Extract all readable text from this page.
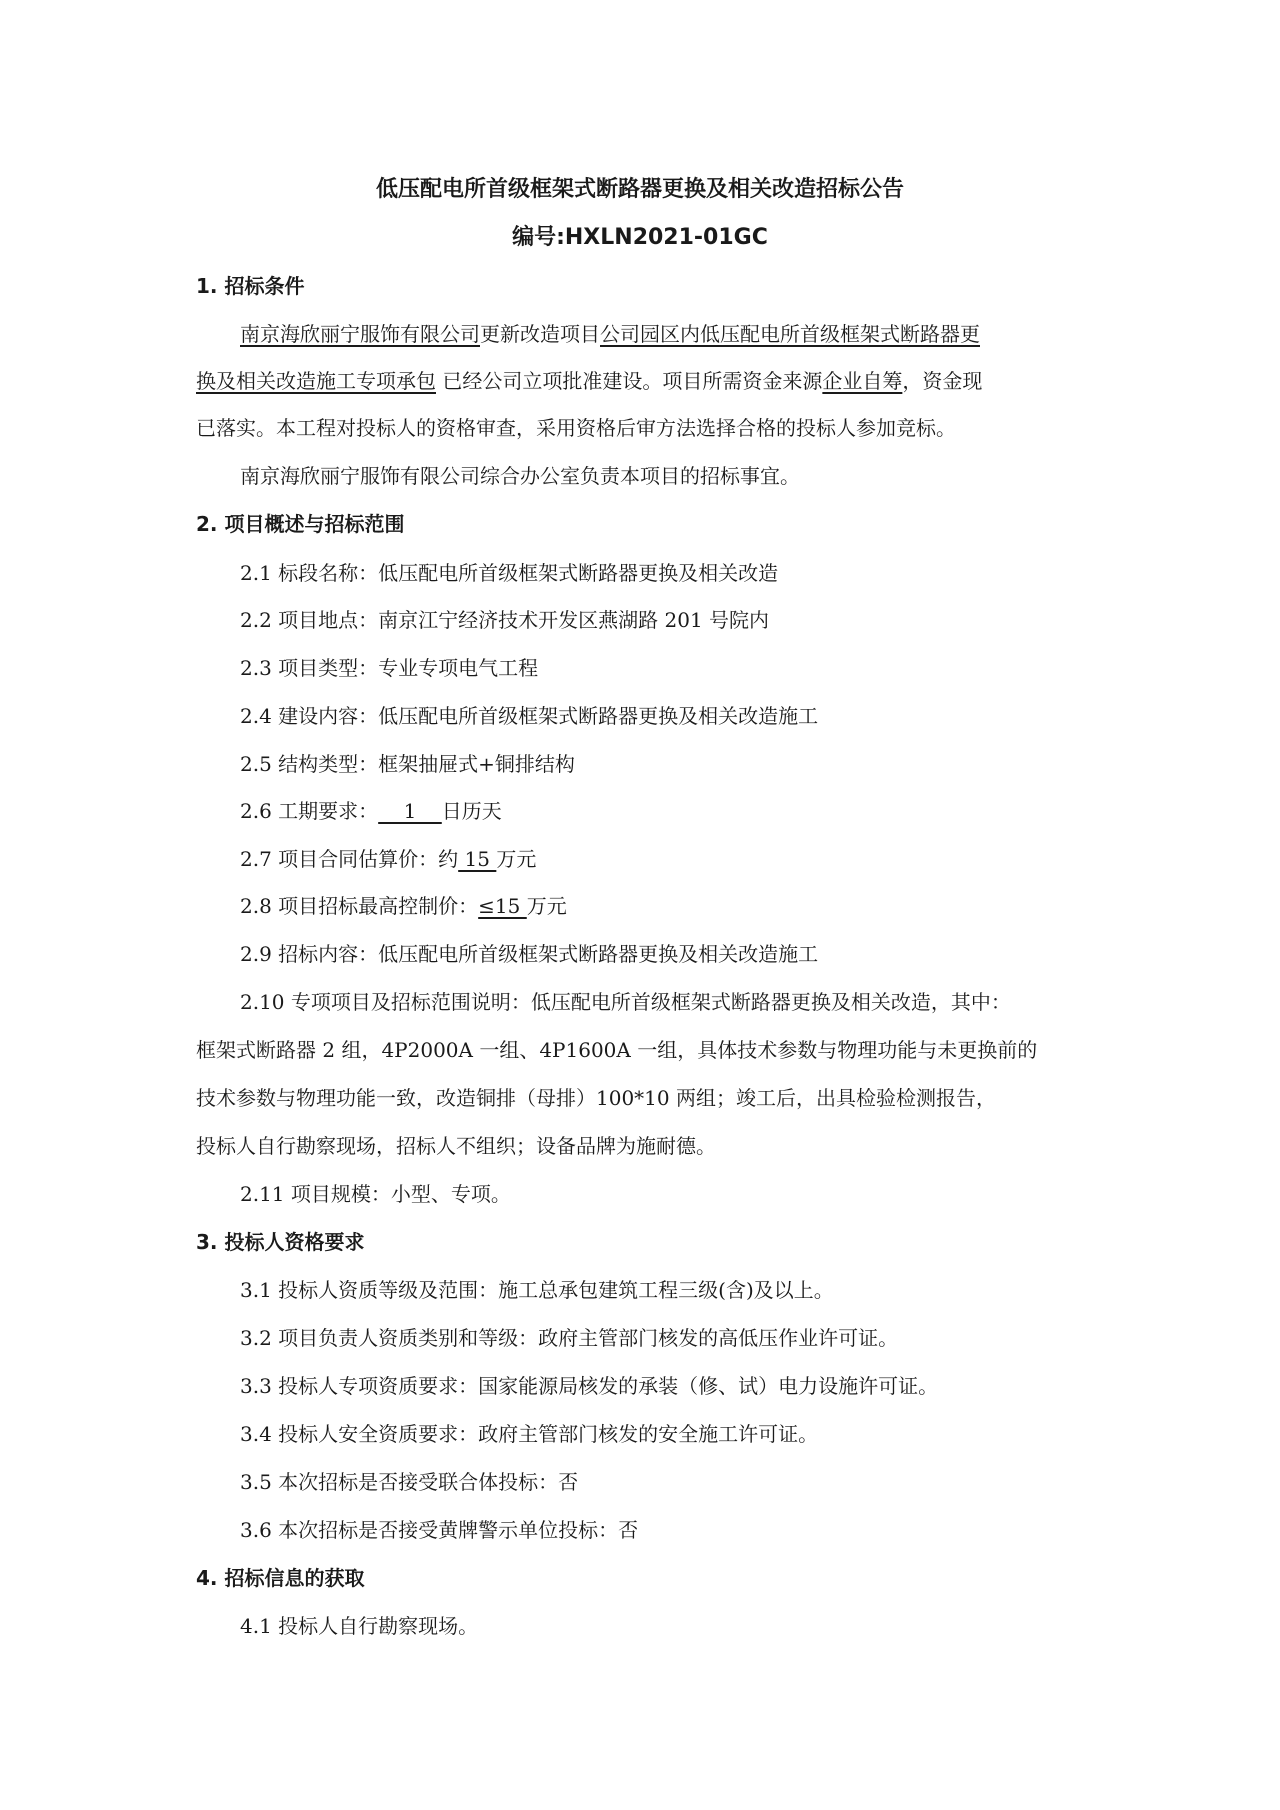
低压配电所首级框架式断路器更换及相关改造招标公告
编号:HXLN2021-01GC
1. 招标条件
南京海欣丽宁服饰有限公司更新改造项目公司园区内低压配电所首级框架式断路器更
换及相关改造施工专项承包 已经公司立项批准建设。项目所需资金来源企业自筹，资金现
已落实。本工程对投标人的资格审查，采用资格后审方法选择合格的投标人参加竞标。
南京海欣丽宁服饰有限公司综合办公室负责本项目的招标事宜。
2. 项目概述与招标范围
2.1 标段名称：低压配电所首级框架式断路器更换及相关改造
2.2 项目地点：南京江宁经济技术开发区燕湖路 201 号院内
2.3 项目类型：专业专项电气工程
2.4 建设内容：低压配电所首级框架式断路器更换及相关改造施工
2.5 结构类型：框架抽屉式+铜排结构
2.6 工期要求：    1    日历天
2.7 项目合同估算价：约 15 万元
2.8 项目招标最高控制价：≤15 万元
2.9 招标内容：低压配电所首级框架式断路器更换及相关改造施工
2.10 专项项目及招标范围说明：低压配电所首级框架式断路器更换及相关改造，其中：
框架式断路器 2 组，4P2000A 一组、4P1600A 一组，具体技术参数与物理功能与未更换前的
技术参数与物理功能一致，改造铜排（母排）100*10 两组；竣工后，出具检验检测报告，
投标人自行勘察现场，招标人不组织；设备品牌为施耐德。
2.11 项目规模：小型、专项。
3. 投标人资格要求
3.1 投标人资质等级及范围：施工总承包建筑工程三级(含)及以上。
3.2 项目负责人资质类别和等级：政府主管部门核发的高低压作业许可证。
3.3 投标人专项资质要求：国家能源局核发的承装（修、试）电力设施许可证。
3.4 投标人安全资质要求：政府主管部门核发的安全施工许可证。
3.5 本次招标是否接受联合体投标：否
3.6 本次招标是否接受黄牌警示单位投标：否
4. 招标信息的获取
4.1 投标人自行勘察现场。
